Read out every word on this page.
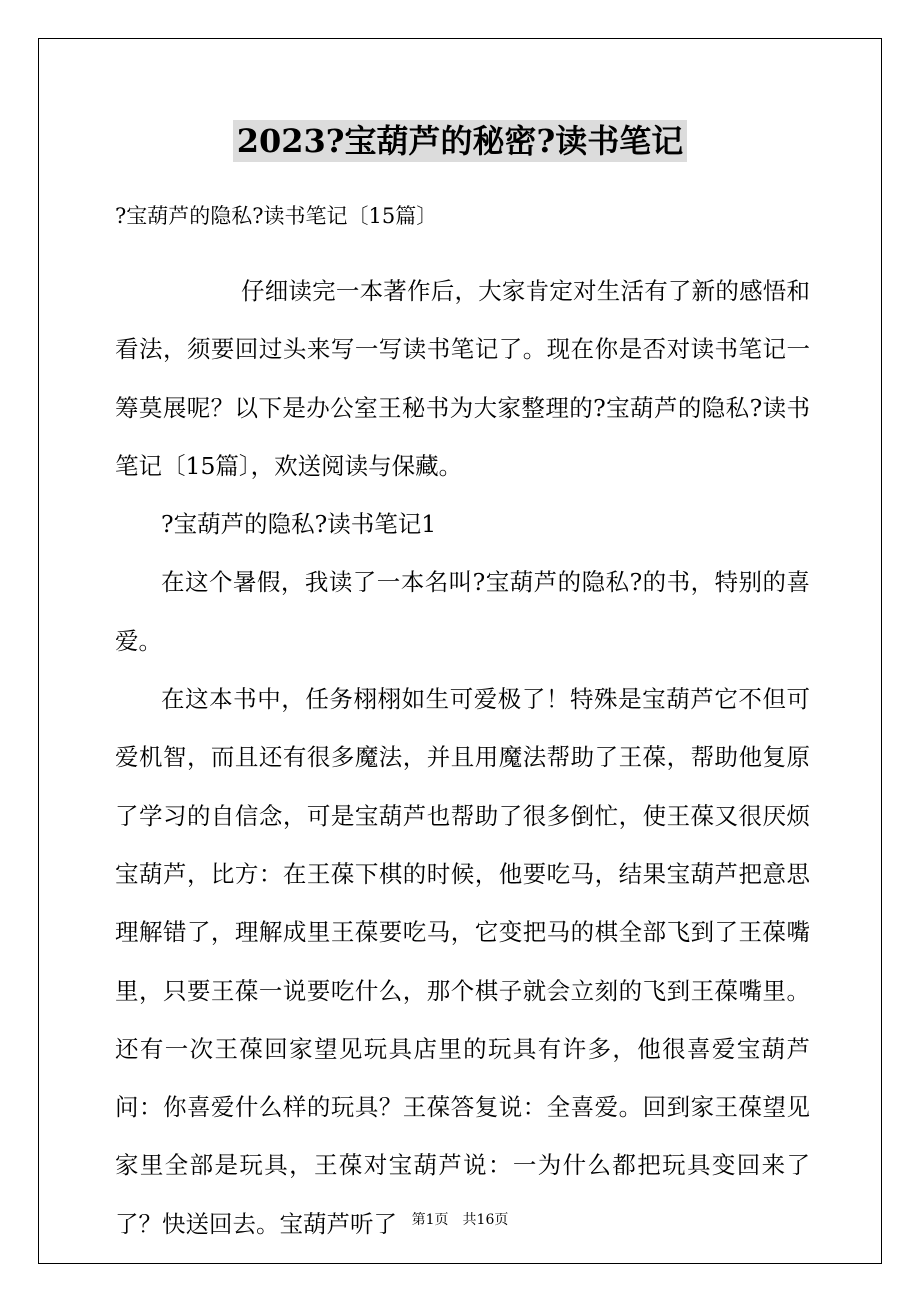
2023?宝葫芦的秘密?读书笔记
?宝葫芦的隐私?读书笔记〔15篇〕

仔细读完一本著作后，大家肯定对生活有了新的感悟和看法，须要回过头来写一写读书笔记了。现在你是否对读书笔记一筹莫展呢？以下是办公室王秘书为大家整理的?宝葫芦的隐私?读书笔记〔15篇〕，欢送阅读与保藏。

?宝葫芦的隐私?读书笔记1

在这个暑假，我读了一本名叫?宝葫芦的隐私?的书，特别的喜爱。

在这本书中，任务栩栩如生可爱极了！特殊是宝葫芦它不但可爱机智，而且还有很多魔法，并且用魔法帮助了王葆，帮助他复原了学习的自信念，可是宝葫芦也帮助了很多倒忙，使王葆又很厌烦宝葫芦，比方：在王葆下棋的时候，他要吃马，结果宝葫芦把意思理解错了，理解成里王葆要吃马，它变把马的棋全部飞到了王葆嘴里，只要王葆一说要吃什么，那个棋子就会立刻的飞到王葆嘴里。还有一次王葆回家望见玩具店里的玩具有许多，他很喜爱宝葫芦问：你喜爱什么样的玩具？王葆答复说：全喜爱。回到家王葆望见家里全部是玩具，王葆对宝葫芦说：一为什么都把玩具变回来了了？快送回去。宝葫芦听了	第1页 共16页
